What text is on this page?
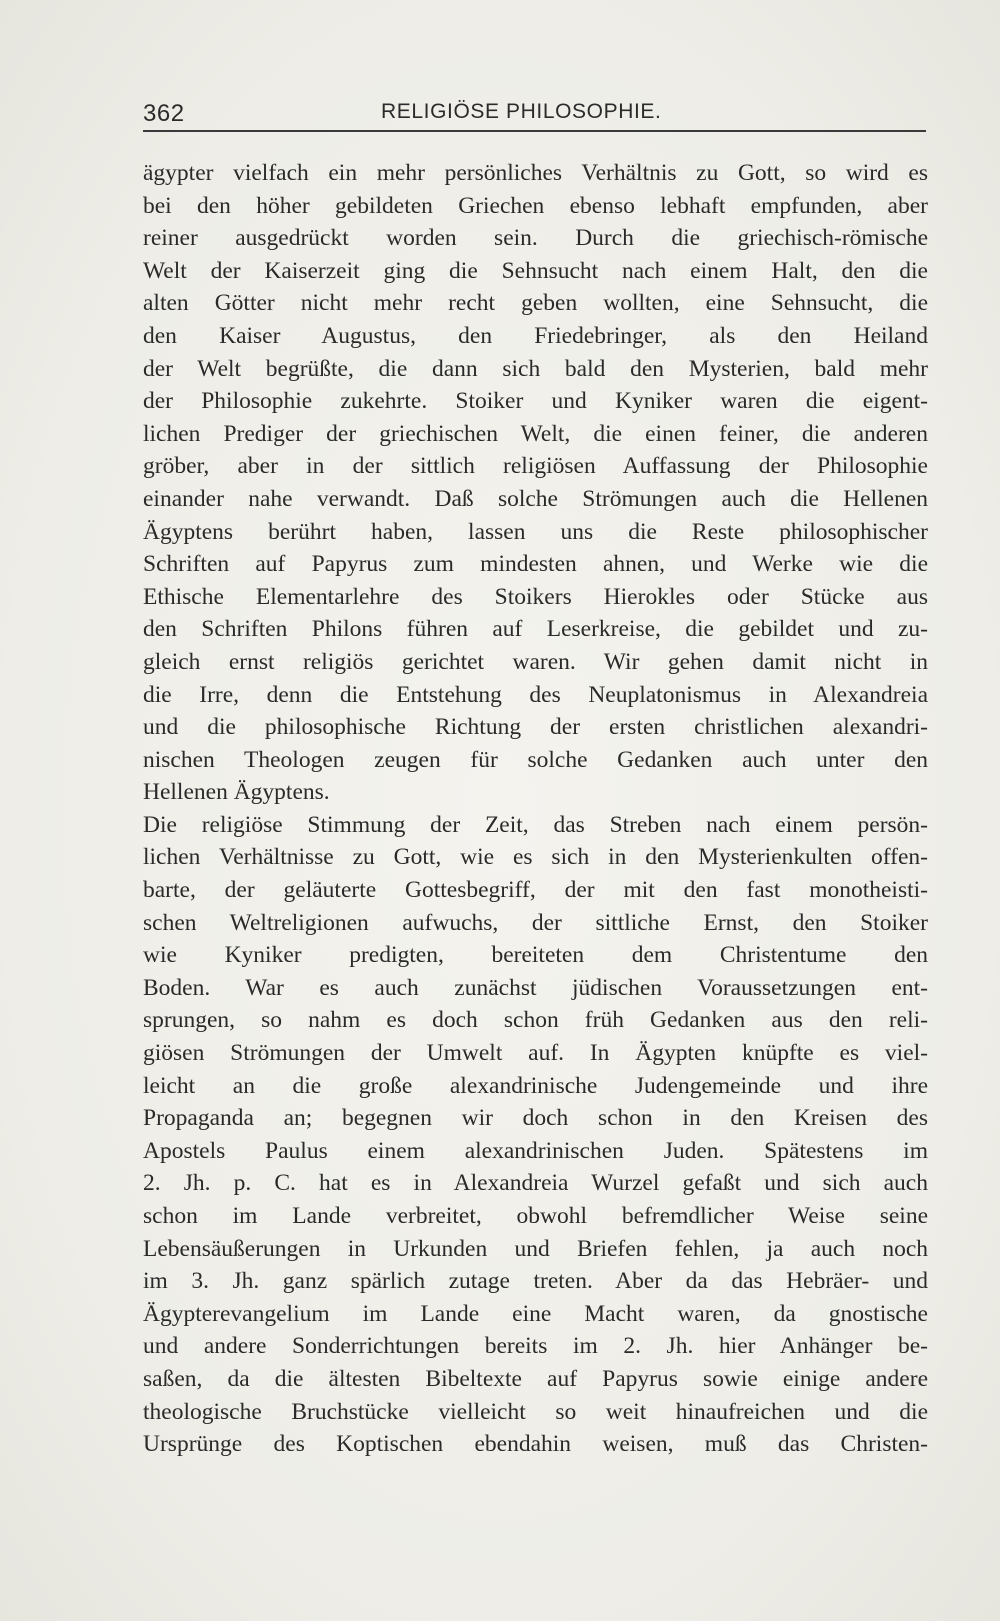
362	RELIGIÖSE PHILOSOPHIE.
ägypter vielfach ein mehr persönliches Verhältnis zu Gott, so wird es
bei den höher gebildeten Griechen ebenso lebhaft empfunden, aber
reiner ausgedrückt worden sein. Durch die griechisch-römische
Welt der Kaiserzeit ging die Sehnsucht nach einem Halt, den die
alten Götter nicht mehr recht geben wollten, eine Sehnsucht, die
den Kaiser Augustus, den Friedebringer, als den Heiland
der Welt begrüßte, die dann sich bald den Mysterien, bald mehr
der Philosophie zukehrte. Stoiker und Kyniker waren die eigent-
lichen Prediger der griechischen Welt, die einen feiner, die anderen
gröber, aber in der sittlich religiösen Auffassung der Philosophie
einander nahe verwandt. Daß solche Strömungen auch die Hellenen
Ägyptens berührt haben, lassen uns die Reste philosophischer
Schriften auf Papyrus zum mindesten ahnen, und Werke wie die
Ethische Elementarlehre des Stoikers Hierokles oder Stücke aus
den Schriften Philons führen auf Leserkreise, die gebildet und zu-
gleich ernst religiös gerichtet waren. Wir gehen damit nicht in
die Irre, denn die Entstehung des Neuplatonismus in Alexandreia
und die philosophische Richtung der ersten christlichen alexandri-
nischen Theologen zeugen für solche Gedanken auch unter den
Hellenen Ägyptens.
Die religiöse Stimmung der Zeit, das Streben nach einem persön-
lichen Verhältnisse zu Gott, wie es sich in den Mysterienkulten offen-
barte, der geläuterte Gottesbegriff, der mit den fast monotheisti-
schen Weltreligionen aufwuchs, der sittliche Ernst, den Stoiker
wie Kyniker predigten, bereiteten dem Christentume den
Boden. War es auch zunächst jüdischen Voraussetzungen ent-
sprungen, so nahm es doch schon früh Gedanken aus den reli-
giösen Strömungen der Umwelt auf. In Ägypten knüpfte es viel-
leicht an die große alexandrinische Judengemeinde und ihre
Propaganda an; begegnen wir doch schon in den Kreisen des
Apostels Paulus einem alexandrinischen Juden. Spätestens im
2. Jh. p. C. hat es in Alexandreia Wurzel gefaßt und sich auch
schon im Lande verbreitet, obwohl befremdlicher Weise seine
Lebensäußerungen in Urkunden und Briefen fehlen, ja auch noch
im 3. Jh. ganz spärlich zutage treten. Aber da das Hebräer- und
Ägypterevangelium im Lande eine Macht waren, da gnostische
und andere Sonderrichtungen bereits im 2. Jh. hier Anhänger be-
saßen, da die ältesten Bibeltexte auf Papyrus sowie einige andere
theologische Bruchstücke vielleicht so weit hinaufreichen und die
Ursprünge des Koptischen ebendahin weisen, muß das Christen-
